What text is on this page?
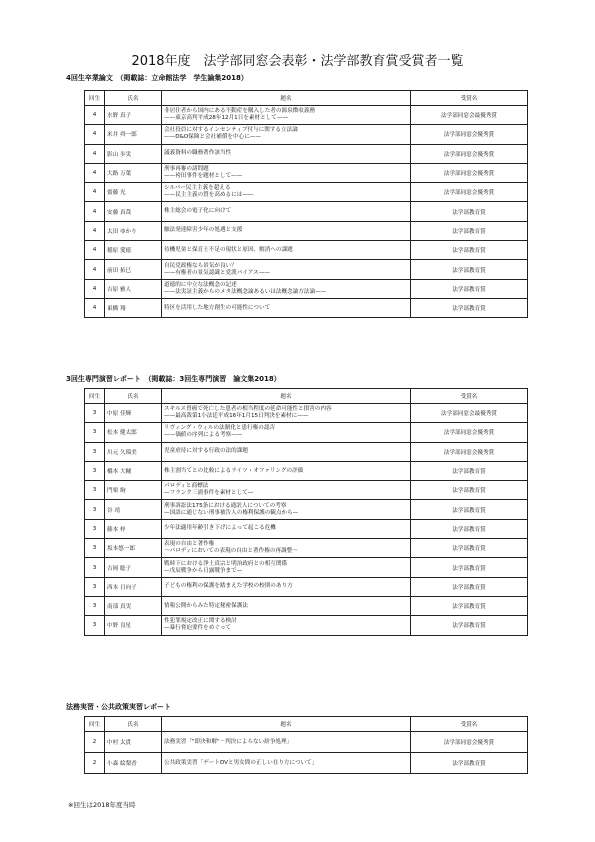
2018年度　法学部同窓会表彰・法学部教育賞受賞者一覧
4回生卒業論文　（掲載誌：立命館法学　学生論集2018）
回生	氏名	題名	受賞名
4	水野 真子	非居住者から国内にある不動産を購入した者の源泉徴収義務
——東京高判平成28年12月1日を素材として——	法学部同窓会最優秀賞
4	米井 舜一郎	会社役員に対するインセンティブ付与に関する立法論
——D&O保険と会社補償を中心に——	法学部同窓会優秀賞
4	影山 歩実	議義資料の職務著作該当性	法学部同窓会優秀賞
4	大路 万葉	刑事再審の諸問題
——袴田事件を題材として——	法学部同窓会優秀賞
4	齋藤 光	シルバー民主主義を超える
——民主主義の質を高めるには——	法学部同窓会優秀賞
4	安藤 真哉	株主総会の電子化に向けて	法学部教育賞
4	太田 ゆかり	触法発達障害少年の処遇と支援	法学部教育賞
4	稲原 愛徳	待機児童と保育士不足の現状と原因、解消への課題	法学部教育賞
4	前田 拓巳	自民党政権なら景気が良い？
——有権者の景気認識と党派バイアス——	法学部教育賞
4	吉原 雅人	道徳的に中立な法概念の記述
——法実証主義からのメタ法概念論あるいは法概念論方法論——	法学部教育賞
4	東橋 翔	特区を活用した地方創生の可能性について	法学部教育賞
3回生専門演習レポート　（掲載誌：3回生専門演習　論文集2018）
回生	氏名	題名	受賞名
3	中原 佳輝	スキルス胃癌で死亡した患者の相当程度の延命可能性と損害の内容
——最高裁第1小法廷平成16年1月15日判決を素材に——	法学部同窓会最優秀賞
3	松本 健太郎	リヴィング・ウィルの法制化と患行権の認否
——価値の序列による考察——	法学部同窓会優秀賞
3	川元 久瑠美	児童虐待に対する行政の法的課題	法学部同窓会優秀賞
3	橋本 大輔	株主割当てとの比較によるライツ・オファリングの評価	法学部教育賞
3	門栗 絢	パロディと商標法
—フランク三浦事件を素材として—	法学部教育賞
3	谷 靖	刑事訴訟法175条における通訳人についての考察
—国語に通じない刑事被告人の権利保護の観点から—	法学部教育賞
3	藤本 梓	少年法適用年齢引き下げによって起こる危機	法学部教育賞
3	坂本悠一郎	表現の自由と著作権
～パロディにおいての表現の自由と著作権の再調整～	法学部教育賞
3	吉岡 聡子	戦時下における浄土真宗と明治政府との相互関係
—戊辰戦争から日露戦争まで—	法学部教育賞
3	西本 日向子	子どもの権利の保護を踏まえた学校の校則のあり方	法学部教育賞
3	南部 真実	情報公開からみた特定秘密保護法	法学部教育賞
3	中野 良星	性犯罪規定改正に関する検討
—暴行脅迫要件をめぐって	法学部教育賞
法務実習・公共政策実習レポート
回生	氏名	題名	受賞名
2	中村 太貴	法務実習「"即決和解"－判決によらない紛争処理」	法学部同窓会優秀賞
2	小森 絵梨香	公共政策実習「デートDVと男女間の正しい在り方について」	法学部教育賞
※回生は2018年度当時
